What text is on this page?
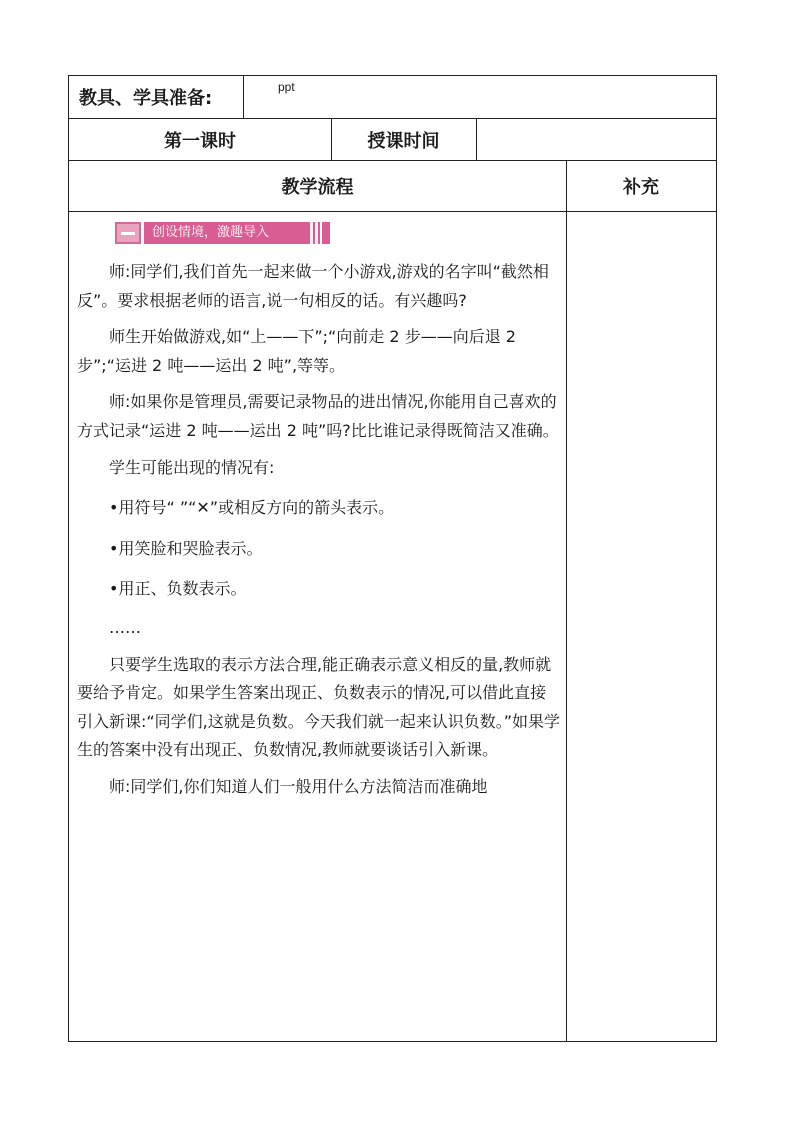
教具、学具准备:
ppt
第一课时	授课时间
教学流程	补充
创设情境，激趣导入

师:同学们,我们首先一起来做一个小游戏,游戏的名字叫“截然相反”。要求根据老师的语言,说一句相反的话。有兴趣吗?

师生开始做游戏,如“上——下”;“向前走 2 步——向后退 2 步”;“运进 2 吨——运出 2 吨”,等等。

师:如果你是管理员,需要记录物品的进出情况,你能用自己喜欢的方式记录“运进 2 吨——运出 2 吨”吗?比比谁记录得既简洁又准确。

学生可能出现的情况有:

•用符号“ ”“✕”或相反方向的箭头表示。

•用笑脸和哭脸表示。

•用正、负数表示。

……

只要学生选取的表示方法合理,能正确表示意义相反的量,教师就要给予肯定。如果学生答案出现正、负数表示的情况,可以借此直接引入新课:“同学们,这就是负数。今天我们就一起来认识负数。”如果学生的答案中没有出现正、负数情况,教师就要谈话引入新课。

师:同学们,你们知道人们一般用什么方法简洁而准确地
